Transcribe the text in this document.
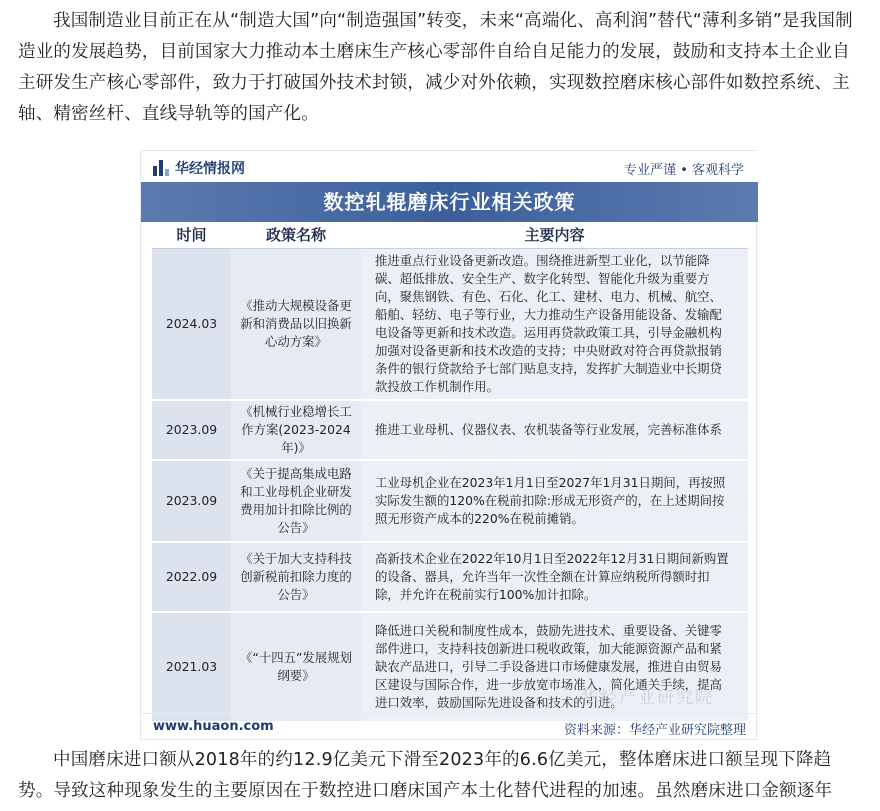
我国制造业目前正在从“制造大国”向“制造强国”转变，未来“高端化、高利润”替代“薄利多销”是我国制造业的发展趋势，目前国家大力推动本土磨床生产核心零部件自给自足能力的发展，鼓励和支持本土企业自主研发生产核心零部件，致力于打破国外技术封锁，减少对外依赖，实现数控磨床核心部件如数控系统、主轴、精密丝杆、直线导轨等的国产化。

华经情报网	专业严谨 • 客观科学
数控轧辊磨床行业相关政策
时间	政策名称	主要内容
2024.03	《推动大规模设备更新和消费品以旧换新心动方案》	推进重点行业设备更新改造。围绕推进新型工业化，以节能降碳、超低排放、安全生产、数字化转型、智能化升级为重要方向，聚焦钢铁、有色、石化、化工、建材、电力、机械、航空、船舶、轻纺、电子等行业，大力推动生产设备用能设备、发输配电设备等更新和技术改造。运用再贷款政策工具，引导金融机构加强对设备更新和技术改造的支持；中央财政对符合再贷款报销条件的银行贷款给予七部门贴息支持，发挥扩大制造业中长期贷款投放工作机制作用。
2023.09	《机械行业稳增长工作方案(2023-2024年)》	推进工业母机、仪器仪表、农机装备等行业发展，完善标准体系
2023.09	《关于提高集成电路和工业母机企业研发费用加计扣除比例的公告》	工业母机企业在2023年1月1日至2027年1月31日期间，再按照实际发生额的120%在税前扣除:形成无形资产的，在上述期间按照无形资产成本的220%在税前摊销。
2022.09	《关于加大支持科技创新税前扣除力度的公告》	高新技术企业在2022年10月1日至2022年12月31日期间新购置的设备、器具，允许当年一次性全额在计算应纳税所得额时扣除，并允许在税前实行100%加计扣除。
2021.03	《“十四五”发展规划纲要》	降低进口关税和制度性成本，鼓励先进技术、重要设备、关键零部件进口，支持科技创新进口税收政策，加大能源资源产品和紧缺农产品进口，引导二手设备进口市场健康发展，推进自由贸易区建设与国际合作，进一步放宽市场准入，简化通关手续，提高进口效率，鼓励国际先进设备和技术的引进。
www.huaon.com	资料来源：华经产业研究院整理
华经产业研究院

中国磨床进口额从2018年的约12.9亿美元下滑至2023年的6.6亿美元，整体磨床进口额呈现下降趋势。导致这种现象发生的主要原因在于数控进口磨床国产本土化替代进程的加速。虽然磨床进口金额逐年
